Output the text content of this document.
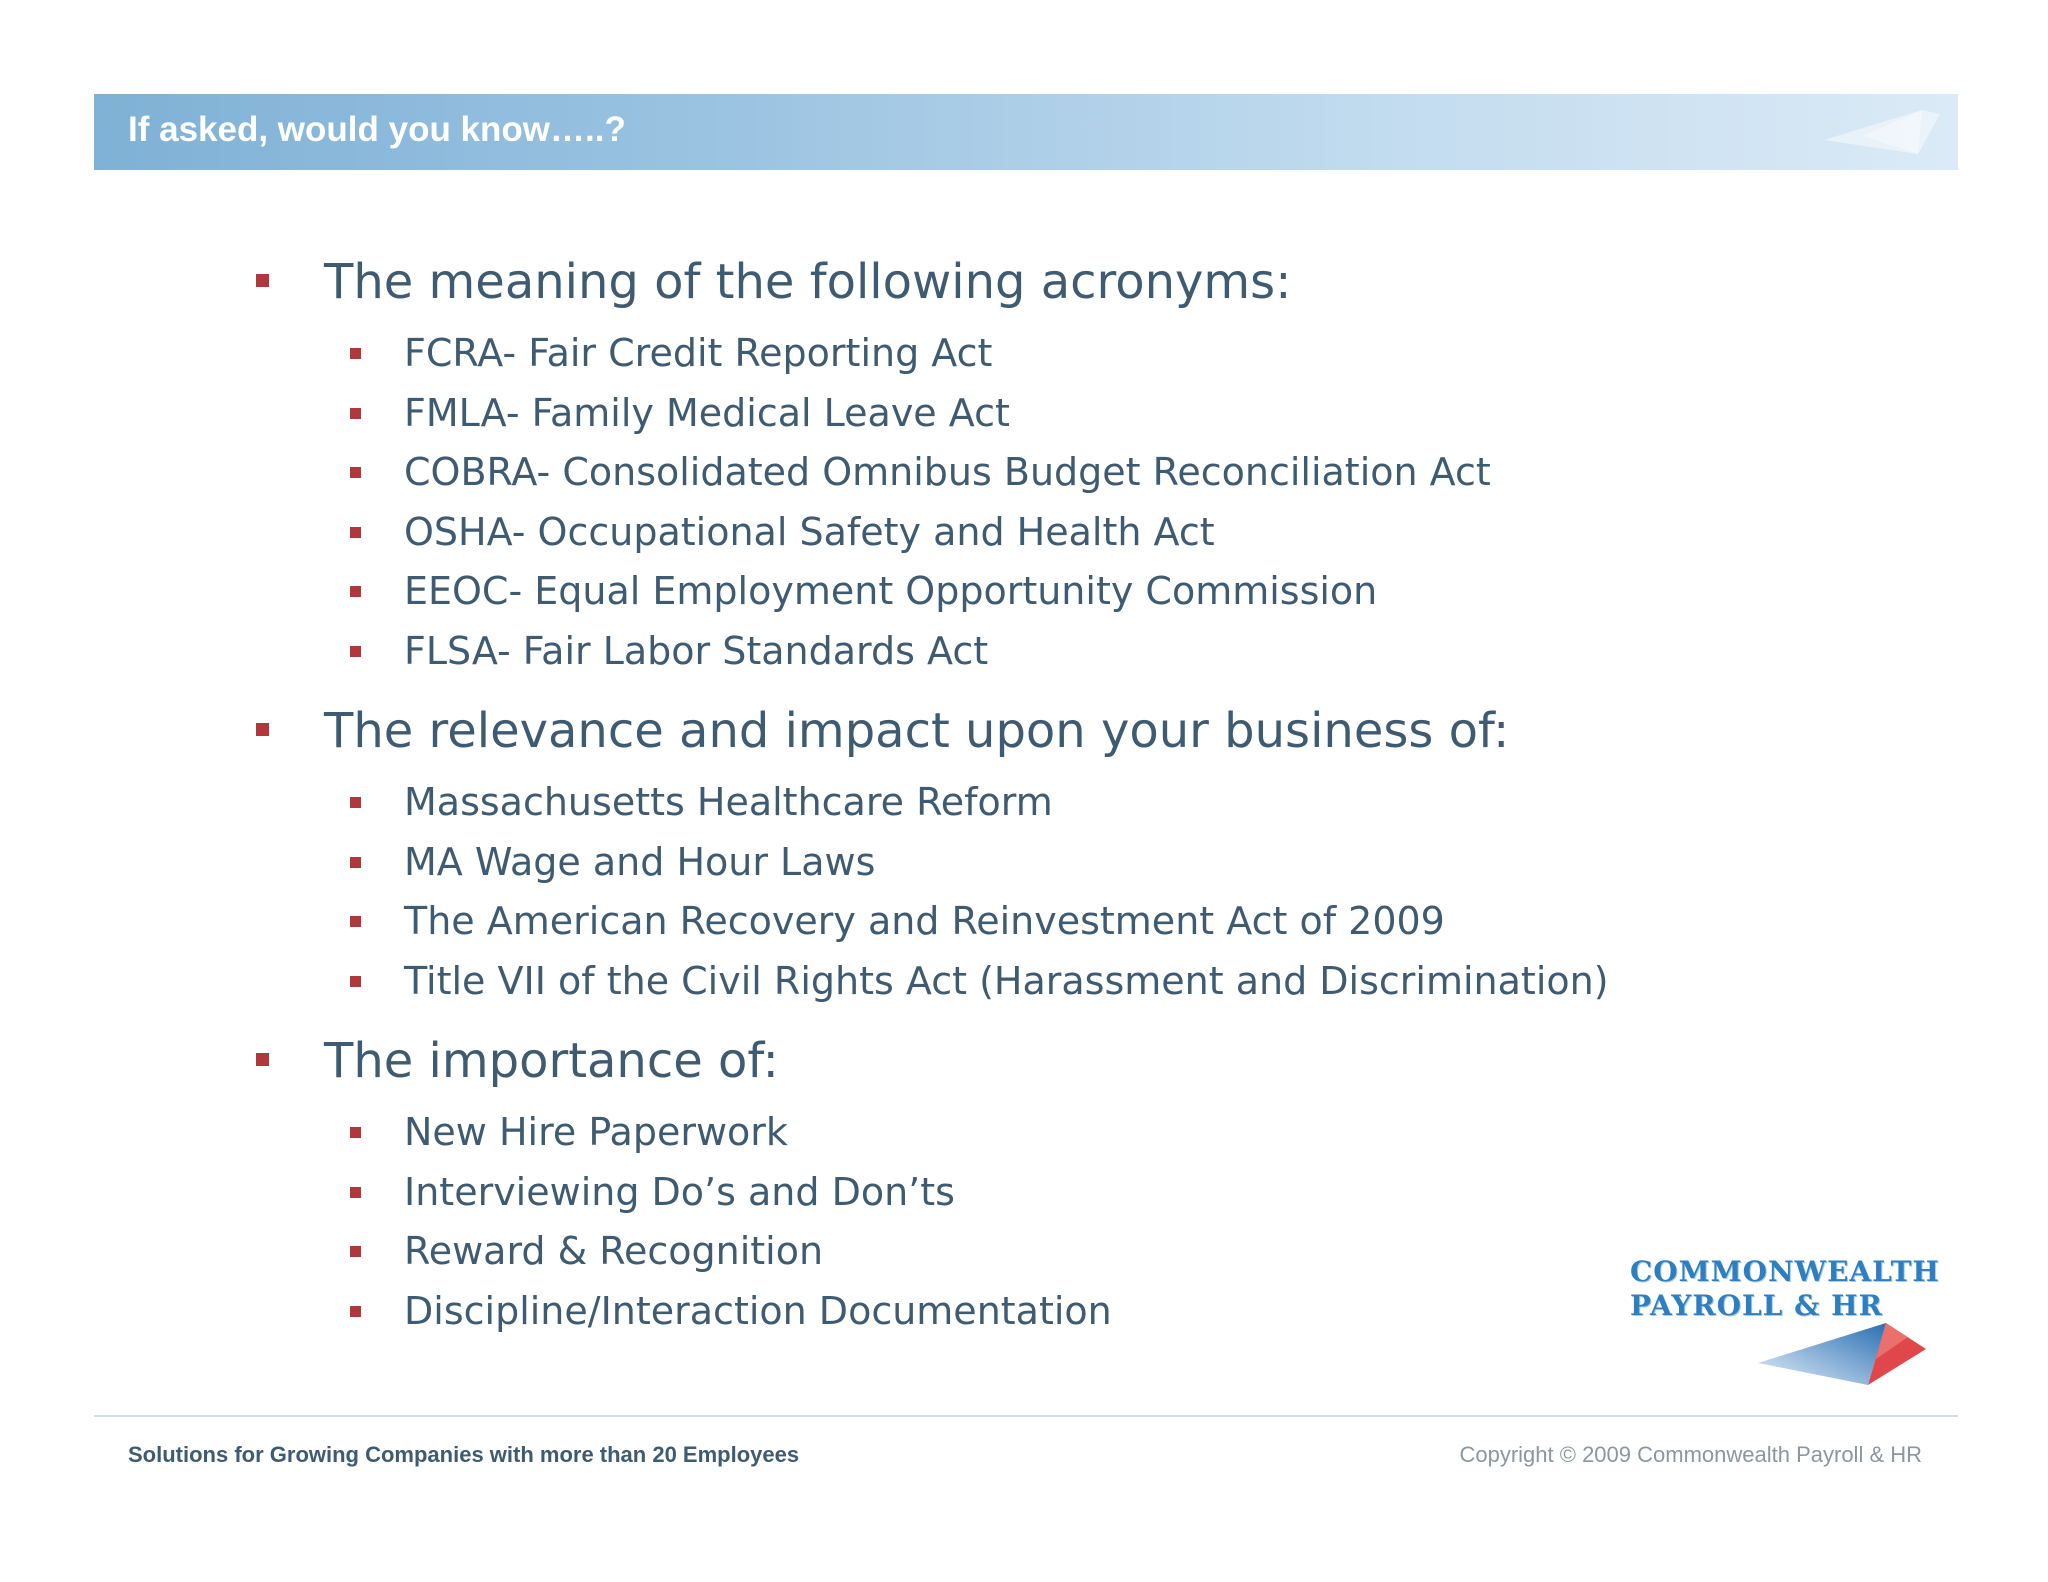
If asked, would you know…..?
The meaning of the following acronyms:
FCRA- Fair Credit Reporting Act
FMLA- Family Medical Leave Act
COBRA- Consolidated Omnibus Budget Reconciliation Act
OSHA- Occupational Safety and Health Act
EEOC- Equal Employment Opportunity Commission
FLSA- Fair Labor Standards Act
The relevance and impact upon your business of:
Massachusetts Healthcare Reform
MA Wage and Hour Laws
The American Recovery and Reinvestment Act of 2009
Title VII of the Civil Rights Act (Harassment and Discrimination)
The importance of:
New Hire Paperwork
Interviewing Do’s and Don’ts
Reward & Recognition
Discipline/Interaction Documentation
COMMONWEALTH
PAYROLL & HR
Solutions for Growing Companies with more than 20 Employees	Copyright © 2009 Commonwealth Payroll & HR
